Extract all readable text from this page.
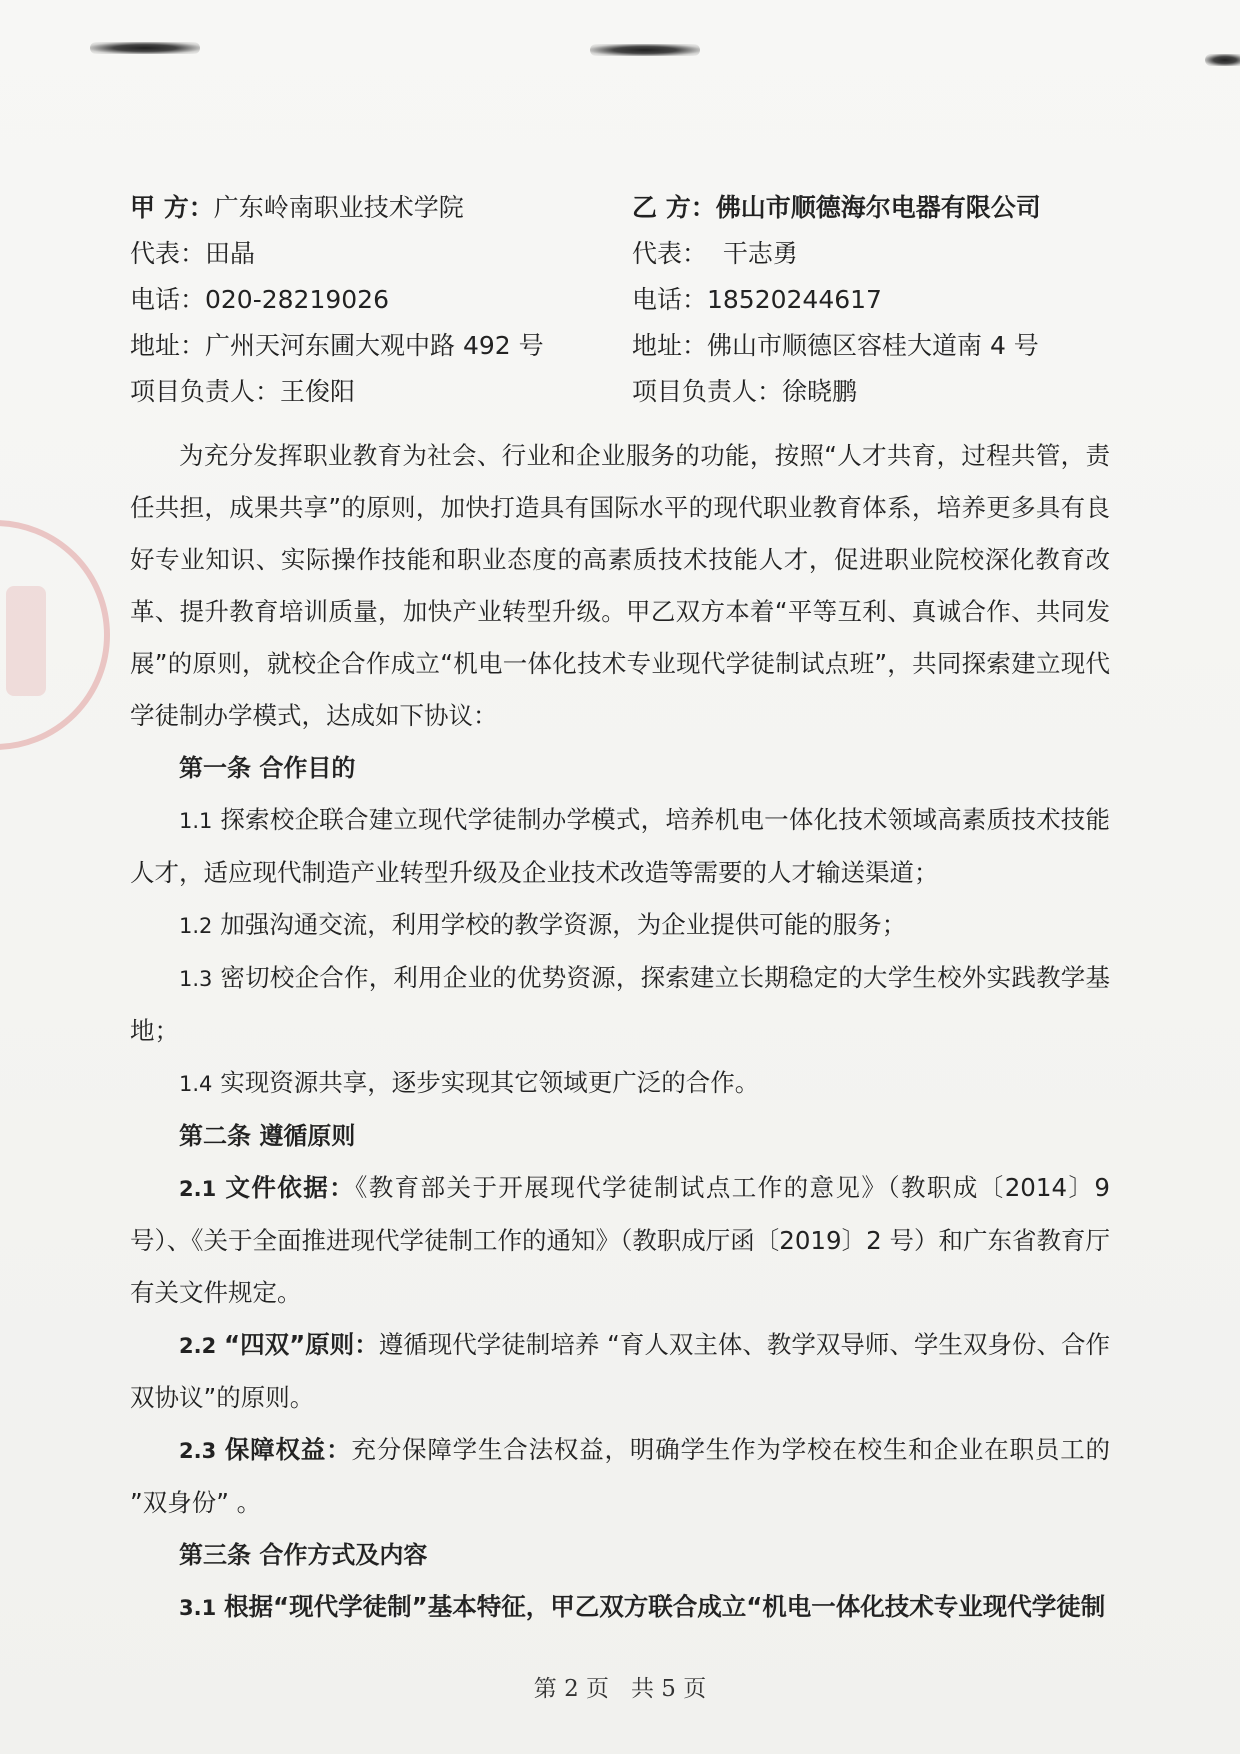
甲 方：广东岭南职业技术学院
代表：田晶
电话：020-28219026
地址：广州天河东圃大观中路 492 号
项目负责人：王俊阳
乙 方：佛山市顺德海尔电器有限公司
代表：  干志勇
电话：18520244617
地址：佛山市顺德区容桂大道南 4 号
项目负责人：徐晓鹏

为充分发挥职业教育为社会、行业和企业服务的功能，按照“人才共育，过程共管，责任共担，成果共享”的原则，加快打造具有国际水平的现代职业教育体系，培养更多具有良好专业知识、实际操作技能和职业态度的高素质技术技能人才，促进职业院校深化教育改革、提升教育培训质量，加快产业转型升级。甲乙双方本着“平等互利、真诚合作、共同发展”的原则，就校企合作成立“机电一体化技术专业现代学徒制试点班”，共同探索建立现代学徒制办学模式，达成如下协议：

第一条 合作目的

1.1 探索校企联合建立现代学徒制办学模式，培养机电一体化技术领域高素质技术技能人才，适应现代制造产业转型升级及企业技术改造等需要的人才输送渠道；

1.2 加强沟通交流，利用学校的教学资源，为企业提供可能的服务；

1.3 密切校企合作，利用企业的优势资源，探索建立长期稳定的大学生校外实践教学基地；

1.4 实现资源共享，逐步实现其它领域更广泛的合作。

第二条 遵循原则

2.1 文件依据：《教育部关于开展现代学徒制试点工作的意见》（教职成〔2014〕9 号）、《关于全面推进现代学徒制工作的通知》（教职成厅函〔2019〕2 号）和广东省教育厅有关文件规定。

2.2 “四双”原则：遵循现代学徒制培养 “育人双主体、教学双导师、学生双身份、合作双协议”的原则。

2.3 保障权益：充分保障学生合法权益，明确学生作为学校在校生和企业在职员工的 ”双身份” 。

第三条 合作方式及内容

3.1 根据“现代学徒制”基本特征，甲乙双方联合成立“机电一体化技术专业现代学徒制

第 2 页   共 5 页
